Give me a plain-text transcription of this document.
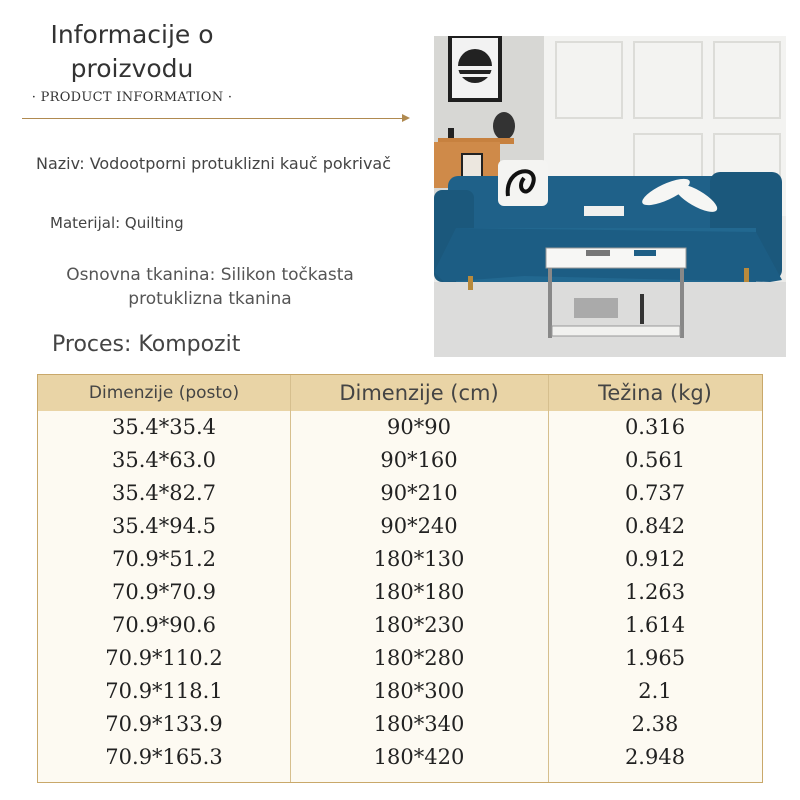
Informacije o proizvodu
· PRODUCT INFORMATION ·
Naziv: Vodootporni protuklizni kauč pokrivač
Materijal: Quilting
Osnovna tkanina: Silikon točkasta protuklizna tkanina
Proces: Kompozit
Dimenzije (posto)	Dimenzije (cm)	Težina (kg)
35.4*35.4	90*90	0.316
35.4*63.0	90*160	0.561
35.4*82.7	90*210	0.737
35.4*94.5	90*240	0.842
70.9*51.2	180*130	0.912
70.9*70.9	180*180	1.263
70.9*90.6	180*230	1.614
70.9*110.2	180*280	1.965
70.9*118.1	180*300	2.1
70.9*133.9	180*340	2.38
70.9*165.3	180*420	2.948
